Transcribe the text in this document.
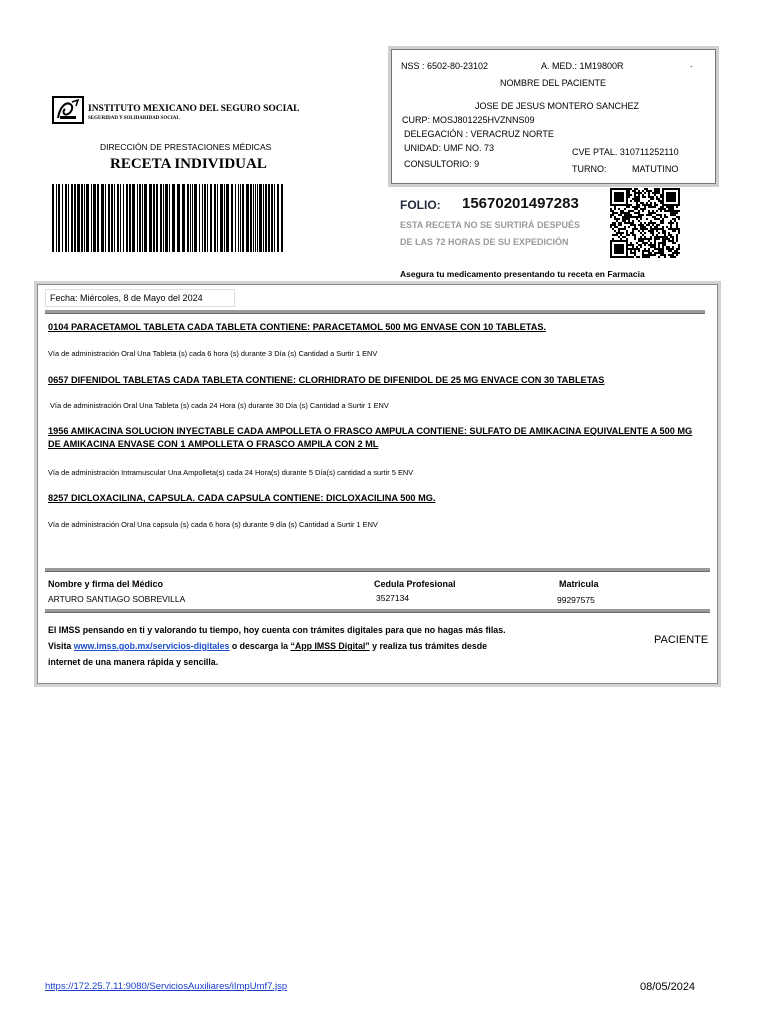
INSTITUTO MEXICANO DEL SEGURO SOCIAL
SEGURIDAD Y SOLIDARIDAD SOCIAL
DIRECCIÓN DE PRESTACIONES MÉDICAS
RECETA INDIVIDUAL
NSS : 6502-80-23102	A. MED.: 1M19800R	.
NOMBRE DEL PACIENTE
JOSE DE JESUS MONTERO SANCHEZ
CURP: MOSJ801225HVZNNS09
DELEGACIÓN : VERACRUZ NORTE
UNIDAD: UMF NO. 73	CVE PTAL. 310711252110
CONSULTORIO: 9	TURNO:	MATUTINO
FOLIO: 15670201497283
ESTA RECETA NO SE SURTIRÁ DESPUÉS
DE LAS 72 HORAS DE SU EXPEDICIÓN
Asegura tu medicamento presentando tu receta en Farmacia
Fecha: Miércoles, 8 de Mayo del 2024
0104 PARACETAMOL TABLETA CADA TABLETA CONTIENE: PARACETAMOL 500 MG ENVASE CON 10 TABLETAS.
Vía de administración Oral Una Tableta (s) cada 6 hora (s) durante 3 Día (s) Cantidad a Surtir 1 ENV
0657 DIFENIDOL TABLETAS CADA TABLETA CONTIENE: CLORHIDRATO DE DIFENIDOL DE 25 MG ENVACE CON 30 TABLETAS
Vía de administración Oral Una Tableta (s) cada 24 Hora (s) durante 30 Día (s) Cantidad a Surtir 1 ENV
1956 AMIKACINA SOLUCION INYECTABLE CADA AMPOLLETA O FRASCO AMPULA CONTIENE: SULFATO DE AMIKACINA EQUIVALENTE A 500 MG DE AMIKACINA ENVASE CON 1 AMPOLLETA O FRASCO AMPILA CON 2 ML
Vía de administración Intramuscular Una Ampolleta(s) cada 24 Hora(s) durante 5 Día(s) cantidad a surtir 5 ENV
8257 DICLOXACILINA, CAPSULA. CADA CAPSULA CONTIENE: DICLOXACILINA 500 MG.
Vía de administración Oral Una capsula (s) cada 6 hora (s) durante 9 día (s) Cantidad a Surtir 1 ENV
Nombre y firma del Médico
ARTURO SANTIAGO SOBREVILLA
Cedula Profesional
3527134
Matricula
99297575
El IMSS pensando en ti y valorando tu tiempo, hoy cuenta con trámites digitales para que no hagas más filas.
Visita www.imss.gob.mx/servicios-digitales o descarga la “App IMSS Digital” y realiza tus trámites desde
internet de una manera rápida y sencilla.
PACIENTE
https://172.25.7.11:9080/ServiciosAuxiliares/iImpUmf7.jsp	08/05/2024
